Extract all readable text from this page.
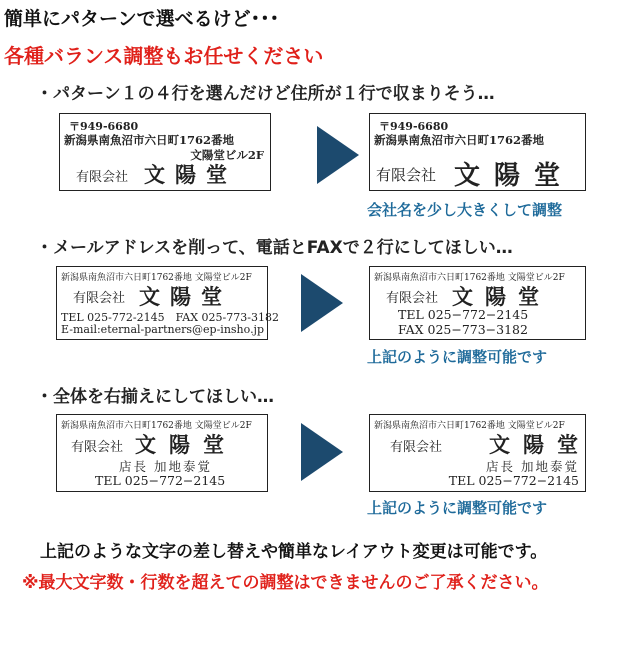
簡単にパターンで選べるけど･･･
各種バランス調整もお任せください
・パターン１の４行を選んだけど住所が１行で収まりそう…
〒949-6680
新潟県南魚沼市六日町1762番地
文陽堂ビル2F
有限会社 文陽堂
〒949-6680
新潟県南魚沼市六日町1762番地
有限会社 文陽堂
会社名を少し大きくして調整
・メールアドレスを削って、電話とFAXで２行にしてほしい…
新潟県南魚沼市六日町1762番地 文陽堂ビル2F
有限会社 文陽堂
TEL 025-772-2145　FAX 025-773-3182
E-mail:eternal-partners@ep-insho.jp
新潟県南魚沼市六日町1762番地 文陽堂ビル2F
有限会社 文陽堂
TEL 025−772−2145
FAX 025−773−3182
上記のように調整可能です
・全体を右揃えにしてほしい…
新潟県南魚沼市六日町1762番地 文陽堂ビル2F
有限会社 文陽堂
店長 加地泰覚
TEL 025−772−2145
新潟県南魚沼市六日町1762番地 文陽堂ビル2F
有限会社 文陽堂
店長 加地泰覚
TEL 025−772−2145
上記のように調整可能です
上記のような文字の差し替えや簡単なレイアウト変更は可能です。
※最大文字数・行数を超えての調整はできませんのご了承ください。
